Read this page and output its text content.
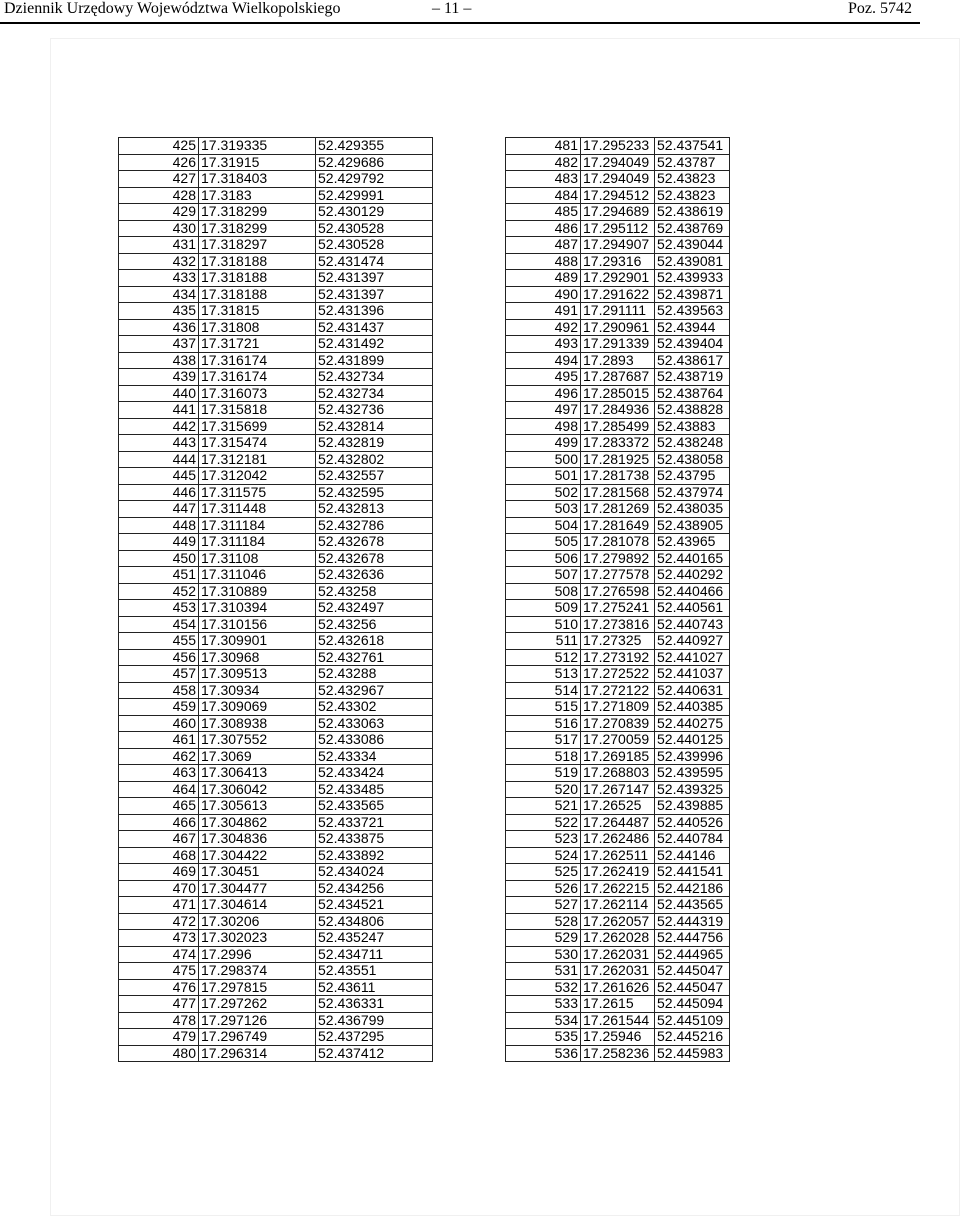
Dziennik Urzędowy Województwa Wielkopolskiego	– 11 –	Poz. 5742
425	17.319335	52.429355
426	17.31915	52.429686
427	17.318403	52.429792
428	17.3183	52.429991
429	17.318299	52.430129
430	17.318299	52.430528
431	17.318297	52.430528
432	17.318188	52.431474
433	17.318188	52.431397
434	17.318188	52.431397
435	17.31815	52.431396
436	17.31808	52.431437
437	17.31721	52.431492
438	17.316174	52.431899
439	17.316174	52.432734
440	17.316073	52.432734
441	17.315818	52.432736
442	17.315699	52.432814
443	17.315474	52.432819
444	17.312181	52.432802
445	17.312042	52.432557
446	17.311575	52.432595
447	17.311448	52.432813
448	17.311184	52.432786
449	17.311184	52.432678
450	17.31108	52.432678
451	17.311046	52.432636
452	17.310889	52.43258
453	17.310394	52.432497
454	17.310156	52.43256
455	17.309901	52.432618
456	17.30968	52.432761
457	17.309513	52.43288
458	17.30934	52.432967
459	17.309069	52.43302
460	17.308938	52.433063
461	17.307552	52.433086
462	17.3069	52.43334
463	17.306413	52.433424
464	17.306042	52.433485
465	17.305613	52.433565
466	17.304862	52.433721
467	17.304836	52.433875
468	17.304422	52.433892
469	17.30451	52.434024
470	17.304477	52.434256
471	17.304614	52.434521
472	17.30206	52.434806
473	17.302023	52.435247
474	17.2996	52.434711
475	17.298374	52.43551
476	17.297815	52.43611
477	17.297262	52.436331
478	17.297126	52.436799
479	17.296749	52.437295
480	17.296314	52.437412
481	17.295233	52.437541
482	17.294049	52.43787
483	17.294049	52.43823
484	17.294512	52.43823
485	17.294689	52.438619
486	17.295112	52.438769
487	17.294907	52.439044
488	17.29316	52.439081
489	17.292901	52.439933
490	17.291622	52.439871
491	17.291111	52.439563
492	17.290961	52.43944
493	17.291339	52.439404
494	17.2893	52.438617
495	17.287687	52.438719
496	17.285015	52.438764
497	17.284936	52.438828
498	17.285499	52.43883
499	17.283372	52.438248
500	17.281925	52.438058
501	17.281738	52.43795
502	17.281568	52.437974
503	17.281269	52.438035
504	17.281649	52.438905
505	17.281078	52.43965
506	17.279892	52.440165
507	17.277578	52.440292
508	17.276598	52.440466
509	17.275241	52.440561
510	17.273816	52.440743
511	17.27325	52.440927
512	17.273192	52.441027
513	17.272522	52.441037
514	17.272122	52.440631
515	17.271809	52.440385
516	17.270839	52.440275
517	17.270059	52.440125
518	17.269185	52.439996
519	17.268803	52.439595
520	17.267147	52.439325
521	17.26525	52.439885
522	17.264487	52.440526
523	17.262486	52.440784
524	17.262511	52.44146
525	17.262419	52.441541
526	17.262215	52.442186
527	17.262114	52.443565
528	17.262057	52.444319
529	17.262028	52.444756
530	17.262031	52.444965
531	17.262031	52.445047
532	17.261626	52.445047
533	17.2615	52.445094
534	17.261544	52.445109
535	17.25946	52.445216
536	17.258236	52.445983
